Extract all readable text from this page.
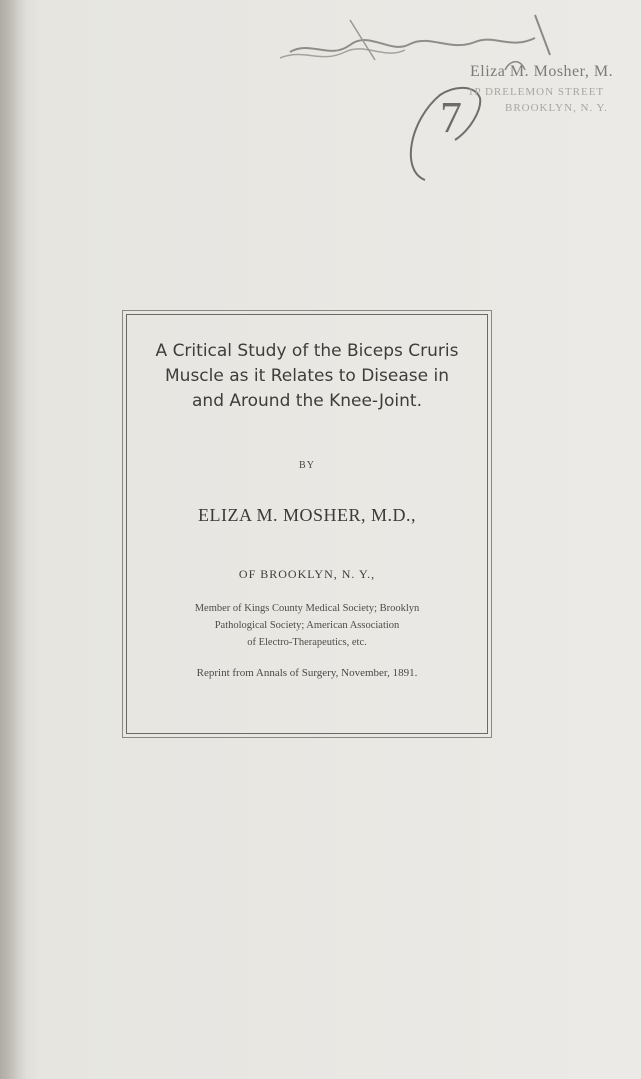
7
Eliza M. Mosher, M.
1P DRELEMON STREET
BROOKLYN, N. Y.
A Critical Study of the Biceps Cruris
Muscle as it Relates to Disease in
and Around the Knee-Joint.
BY
ELIZA M. MOSHER, M.D.,
OF BROOKLYN, N. Y.,
Member of Kings County Medical Society; Brooklyn
Pathological Society; American Association
of Electro-Therapeutics, etc.
Reprint from Annals of Surgery, November, 1891.
